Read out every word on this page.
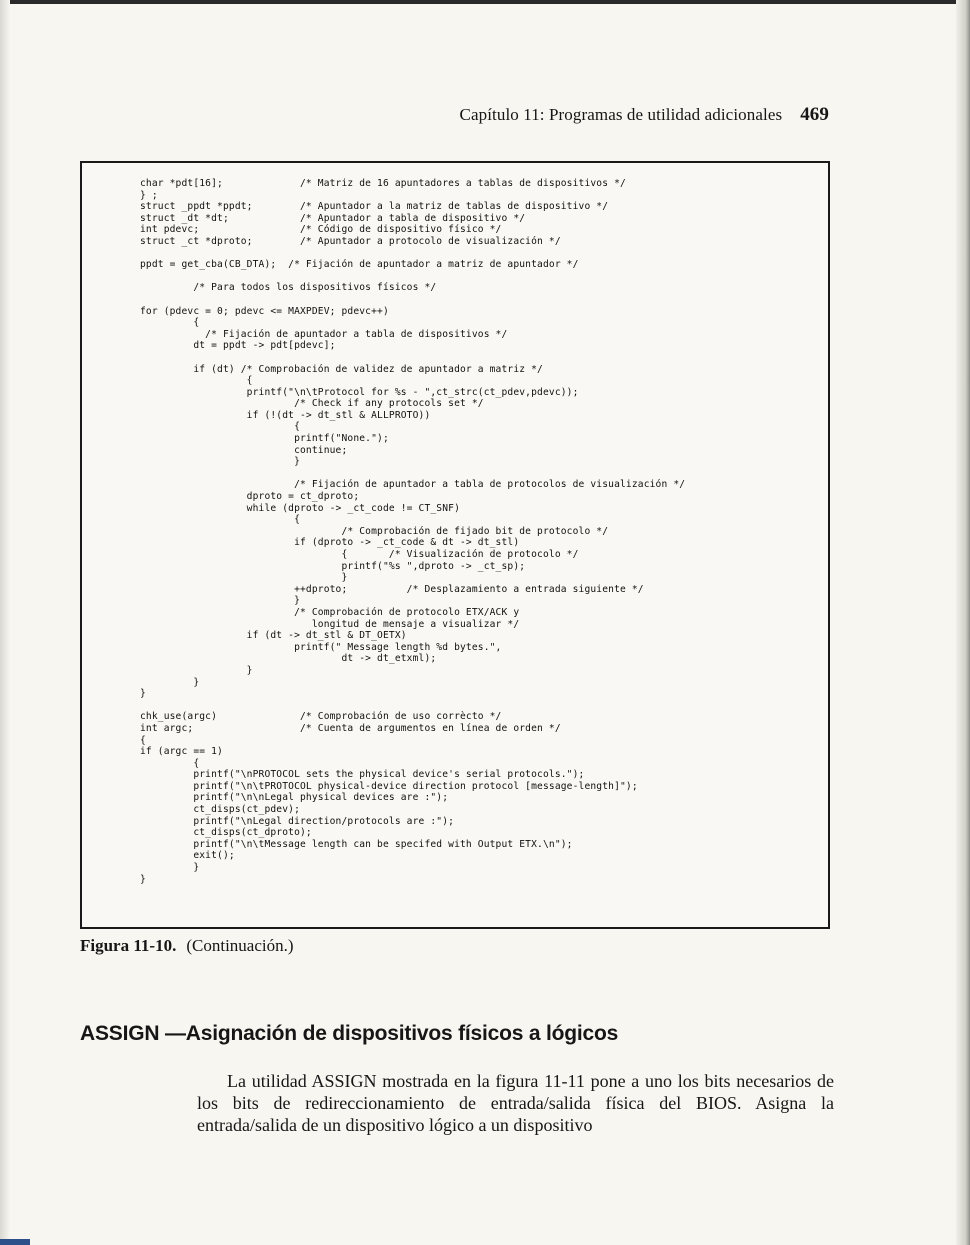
Capítulo 11: Programas de utilidad adicionales 469
char *pdt[16];             /* Matriz de 16 apuntadores a tablas de dispositivos */
} ;
struct _ppdt *ppdt;        /* Apuntador a la matriz de tablas de dispositivo */
struct _dt *dt;            /* Apuntador a tabla de dispositivo */
int pdevc;                 /* Código de dispositivo físico */
struct _ct *dproto;        /* Apuntador a protocolo de visualización */

ppdt = get_cba(CB_DTA);  /* Fijación de apuntador a matriz de apuntador */

/* Para todos los dispositivos físicos */

for (pdevc = 0; pdevc <= MAXPDEV; pdevc++)
{
/* Fijación de apuntador a tabla de dispositivos */
dt = ppdt -> pdt[pdevc];

if (dt) /* Comprobación de validez de apuntador a matriz */
{
printf("\n\tProtocol for %s - ",ct_strc(ct_pdev,pdevc));
/* Check if any protocols set */
if (!(dt -> dt_stl & ALLPROTO))
{
printf("None.");
continue;
}

/* Fijación de apuntador a tabla de protocolos de visualización */
dproto = ct_dproto;
while (dproto -> _ct_code != CT_SNF)
{
/* Comprobación de fijado bit de protocolo */
if (dproto -> _ct_code & dt -> dt_stl)
{       /* Visualización de protocolo */
printf("%s ",dproto -> _ct_sp);
}
++dproto;          /* Desplazamiento a entrada siguiente */
}
/* Comprobación de protocolo ETX/ACK y
longitud de mensaje a visualizar */
if (dt -> dt_stl & DT_OETX)
printf(" Message length %d bytes.",
dt -> dt_etxml);
}
}
}

chk_use(argc)              /* Comprobación de uso corrècto */
int argc;                  /* Cuenta de argumentos en línea de orden */
{
if (argc == 1)
{
printf("\nPROTOCOL sets the physical device's serial protocols.");
printf("\n\tPROTOCOL physical-device direction protocol [message-length]");
printf("\n\nLegal physical devices are :");
ct_disps(ct_pdev);
printf("\nLegal direction/protocols are :");
ct_disps(ct_dproto);
printf("\n\tMessage length can be specifed with Output ETX.\n");
exit();
}
}

Figura 11-10. (Continuación.)
ASSIGN —Asignación de dispositivos físicos a lógicos

La utilidad ASSIGN mostrada en la figura 11-11 pone a uno los bits necesarios de los bits de redireccionamiento de entrada/salida física del BIOS. Asigna la entrada/salida de un dispositivo lógico a un dispositivo
